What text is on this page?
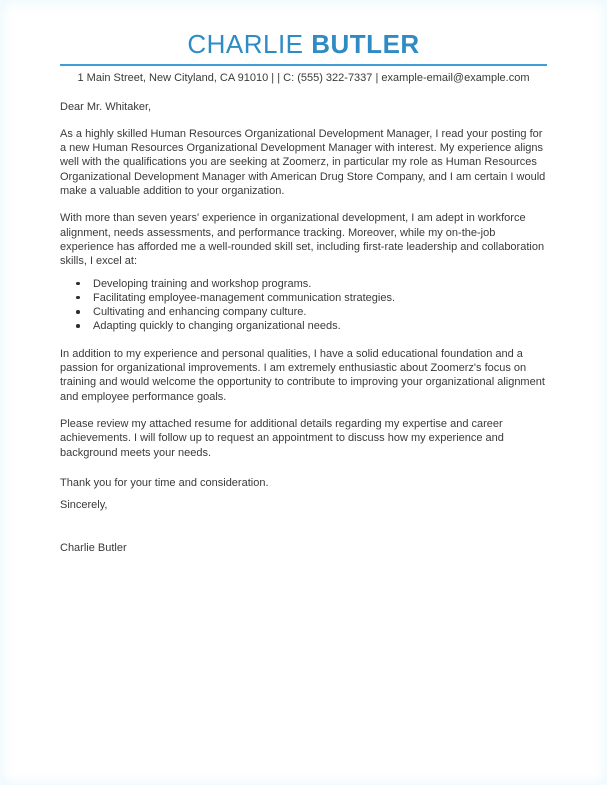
CHARLIE BUTLER
1 Main Street, New Cityland, CA 91010 | | C: (555) 322-7337 | example-email@example.com
Dear Mr. Whitaker,

As a highly skilled Human Resources Organizational Development Manager, I read your posting for a new Human Resources Organizational Development Manager with interest. My experience aligns well with the qualifications you are seeking at Zoomerz, in particular my role as Human Resources Organizational Development Manager with American Drug Store Company, and I am certain I would make a valuable addition to your organization.

With more than seven years' experience in organizational development, I am adept in workforce alignment, needs assessments, and performance tracking. Moreover, while my on-the-job experience has afforded me a well-rounded skill set, including first-rate leadership and collaboration skills, I excel at:

Developing training and workshop programs.
Facilitating employee-management communication strategies.
Cultivating and enhancing company culture.
Adapting quickly to changing organizational needs.

In addition to my experience and personal qualities, I have a solid educational foundation and a passion for organizational improvements. I am extremely enthusiastic about Zoomerz's focus on training and would welcome the opportunity to contribute to improving your organizational alignment and employee performance goals.

Please review my attached resume for additional details regarding my expertise and career achievements. I will follow up to request an appointment to discuss how my experience and background meets your needs.

Thank you for your time and consideration.
Sincerely,
Charlie Butler
